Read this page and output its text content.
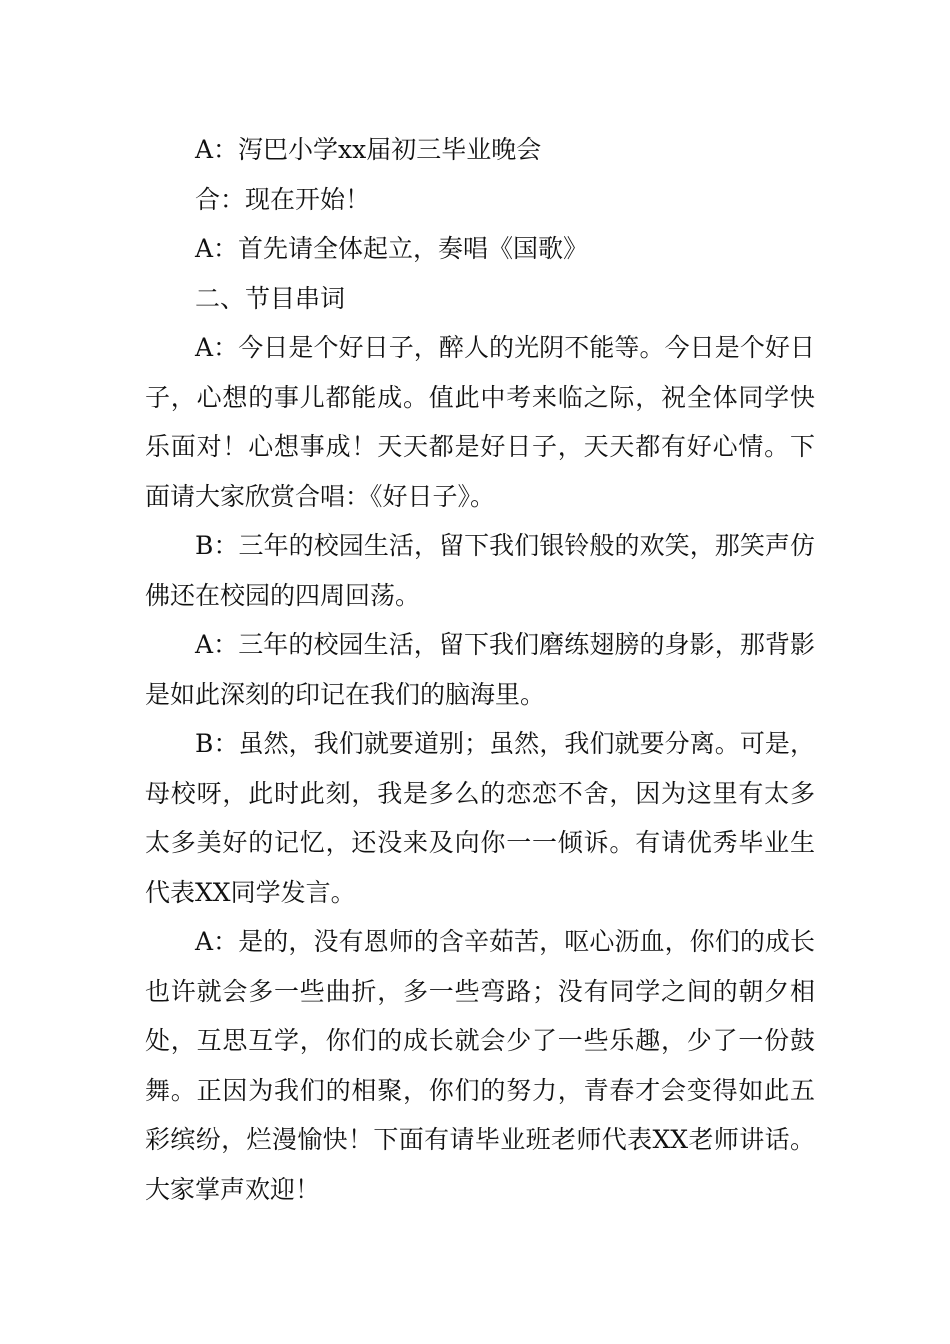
A：泻巴小学xx届初三毕业晚会

合：现在开始！

A：首先请全体起立，奏唱《国歌》

二、节目串词

A：今日是个好日子，醉人的光阴不能等。今日是个好日子，心想的事儿都能成。值此中考来临之际，祝全体同学快乐面对！心想事成！天天都是好日子，天天都有好心情。下面请大家欣赏合唱：《好日子》。

B：三年的校园生活，留下我们银铃般的欢笑，那笑声仿佛还在校园的四周回荡。

A：三年的校园生活，留下我们磨练翅膀的身影，那背影是如此深刻的印记在我们的脑海里。

B：虽然，我们就要道别；虽然，我们就要分离。可是，母校呀，此时此刻，我是多么的恋恋不舍，因为这里有太多太多美好的记忆，还没来及向你一一倾诉。有请优秀毕业生代表XX同学发言。

A：是的，没有恩师的含辛茹苦，呕心沥血，你们的成长也许就会多一些曲折，多一些弯路；没有同学之间的朝夕相处，互思互学，你们的成长就会少了一些乐趣，少了一份鼓舞。正因为我们的相聚，你们的努力，青春才会变得如此五彩缤纷，烂漫愉快！下面有请毕业班老师代表XX老师讲话。大家掌声欢迎！
